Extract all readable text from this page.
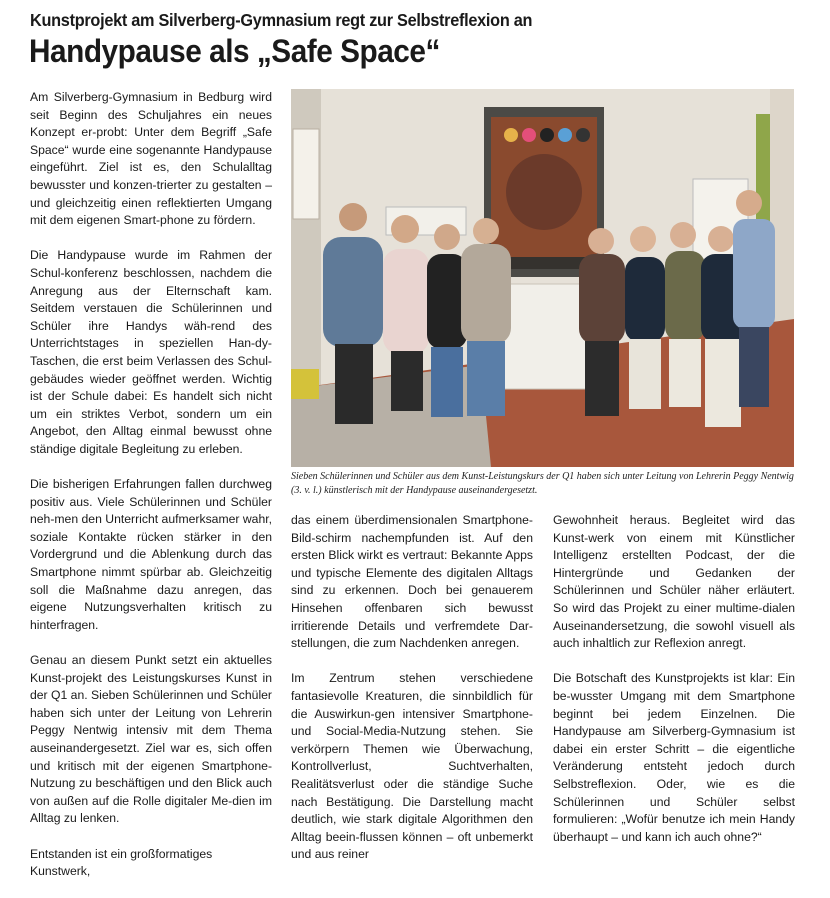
Kunstprojekt am Silverberg-Gymnasium regt zur Selbstreflexion an
Handypause als „Safe Space“

Am Silverberg-Gymnasium in Bedburg wird seit Beginn des Schuljahres ein neues Konzept er-probt: Unter dem Begriff „Safe Space“ wurde eine sogenannte Handypause eingeführt. Ziel ist es, den Schulalltag bewusster und konzen-trierter zu gestalten – und gleichzeitig einen reflektierten Umgang mit dem eigenen Smart-phone zu fördern.

Die Handypause wurde im Rahmen der Schul-konferenz beschlossen, nachdem die Anregung aus der Elternschaft kam. Seitdem verstauen die Schülerinnen und Schüler ihre Handys wäh-rend des Unterrichtstages in speziellen Han-dy-Taschen, die erst beim Verlassen des Schul-gebäudes wieder geöffnet werden. Wichtig ist der Schule dabei: Es handelt sich nicht um ein striktes Verbot, sondern um ein Angebot, den Alltag einmal bewusst ohne ständige digitale Begleitung zu erleben.

Die bisherigen Erfahrungen fallen durchweg positiv aus. Viele Schülerinnen und Schüler neh-men den Unterricht aufmerksamer wahr, soziale Kontakte rücken stärker in den Vordergrund und die Ablenkung durch das Smartphone nimmt spürbar ab. Gleichzeitig soll die Maßnahme dazu anregen, das eigene Nutzungsverhalten kritisch zu hinterfragen.

Genau an diesem Punkt setzt ein aktuelles Kunst-projekt des Leistungskurses Kunst in der Q1 an. Sieben Schülerinnen und Schüler haben sich unter der Leitung von Lehrerin Peggy Nentwig intensiv mit dem Thema auseinandergesetzt. Ziel war es, sich offen und kritisch mit der eigenen Smartphone-Nutzung zu beschäftigen und den Blick auch von außen auf die Rolle digitaler Me-dien im Alltag zu lenken.

Entstanden ist ein großformatiges Kunstwerk,

Sieben Schülerinnen und Schüler aus dem Kunst-Leistungskurs der Q1 haben sich unter Leitung von Lehrerin Peggy Nentwig (3. v. l.) künstlerisch mit der Handypause auseinandergesetzt.

das einem überdimensionalen Smartphone-Bild-schirm nachempfunden ist. Auf den ersten Blick wirkt es vertraut: Bekannte Apps und typische Elemente des digitalen Alltags sind zu erkennen. Doch bei genauerem Hinsehen offenbaren sich bewusst irritierende Details und verfremdete Dar-stellungen, die zum Nachdenken anregen.

Im Zentrum stehen verschiedene fantasievolle Kreaturen, die sinnbildlich für die Auswirkun-gen intensiver Smartphone- und Social-Media-Nutzung stehen. Sie verkörpern Themen wie Überwachung, Kontrollverlust, Suchtverhalten, Realitätsverlust oder die ständige Suche nach Bestätigung. Die Darstellung macht deutlich, wie stark digitale Algorithmen den Alltag beein-flussen können – oft unbemerkt und aus reiner

Gewohnheit heraus. Begleitet wird das Kunst-werk von einem mit Künstlicher Intelligenz erstellten Podcast, der die Hintergründe und Gedanken der Schülerinnen und Schüler näher erläutert. So wird das Projekt zu einer multime-dialen Auseinandersetzung, die sowohl visuell als auch inhaltlich zur Reflexion anregt.

Die Botschaft des Kunstprojekts ist klar: Ein be-wusster Umgang mit dem Smartphone beginnt bei jedem Einzelnen. Die Handypause am Silverberg-Gymnasium ist dabei ein erster Schritt – die eigentliche Veränderung entsteht jedoch durch Selbstreflexion. Oder, wie es die Schülerinnen und Schüler selbst formulieren: „Wofür benutze ich mein Handy überhaupt – und kann ich auch ohne?“
